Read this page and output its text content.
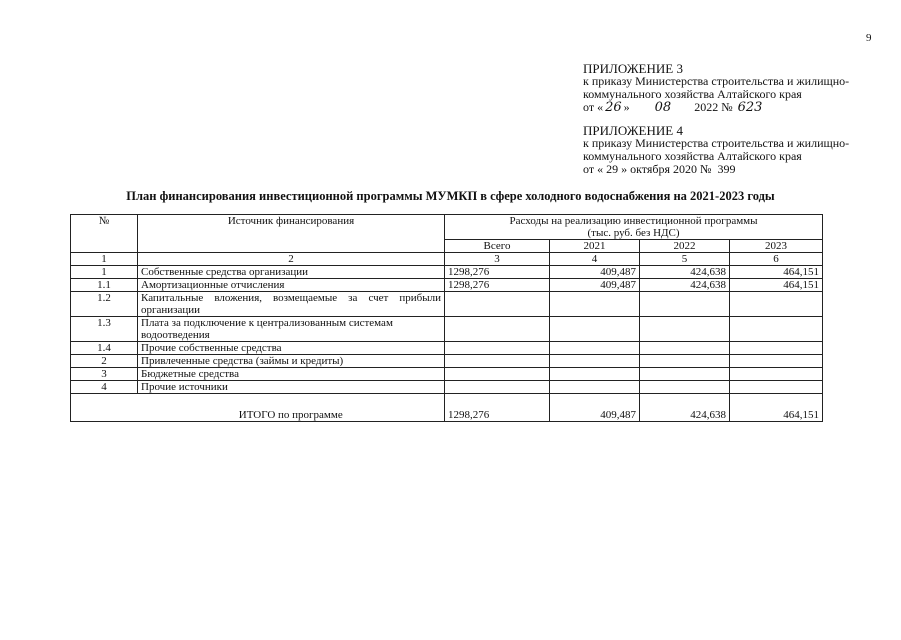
9
ПРИЛОЖЕНИЕ 3
к приказу Министерства строительства и жилищно-
коммунального хозяйства Алтайского края
от « 26 » 08 2022 № 623
ПРИЛОЖЕНИЕ 4
к приказу Министерства строительства и жилищно-
коммунального хозяйства Алтайского края
от « 29 » октября 2020 №  399
План финансирования инвестиционной программы МУМКП в сфере холодного водоснабжения на 2021-2023 годы
№	Источник финансирования	Расходы на реализацию инвестиционной программы
(тыс. руб. без НДС)			

		Всего	2021	2022	2023
1	2	3	4	5	6
1	Собственные средства организации	1298,276	409,487	424,638	464,151
1.1	Амортизационные отчисления	1298,276	409,487	424,638	464,151
1.2	Капитальные вложения, возмещаемые за счет прибыли организации				
1.3	Плата за подключение к централизованным системам водоотведения				
1.4	Прочие собственные средства				
2	Привлеченные средства (займы и кредиты)				
3	Бюджетные средства				
4	Прочие источники				
	ИТОГО по программе	1298,276	409,487	424,638	464,151
